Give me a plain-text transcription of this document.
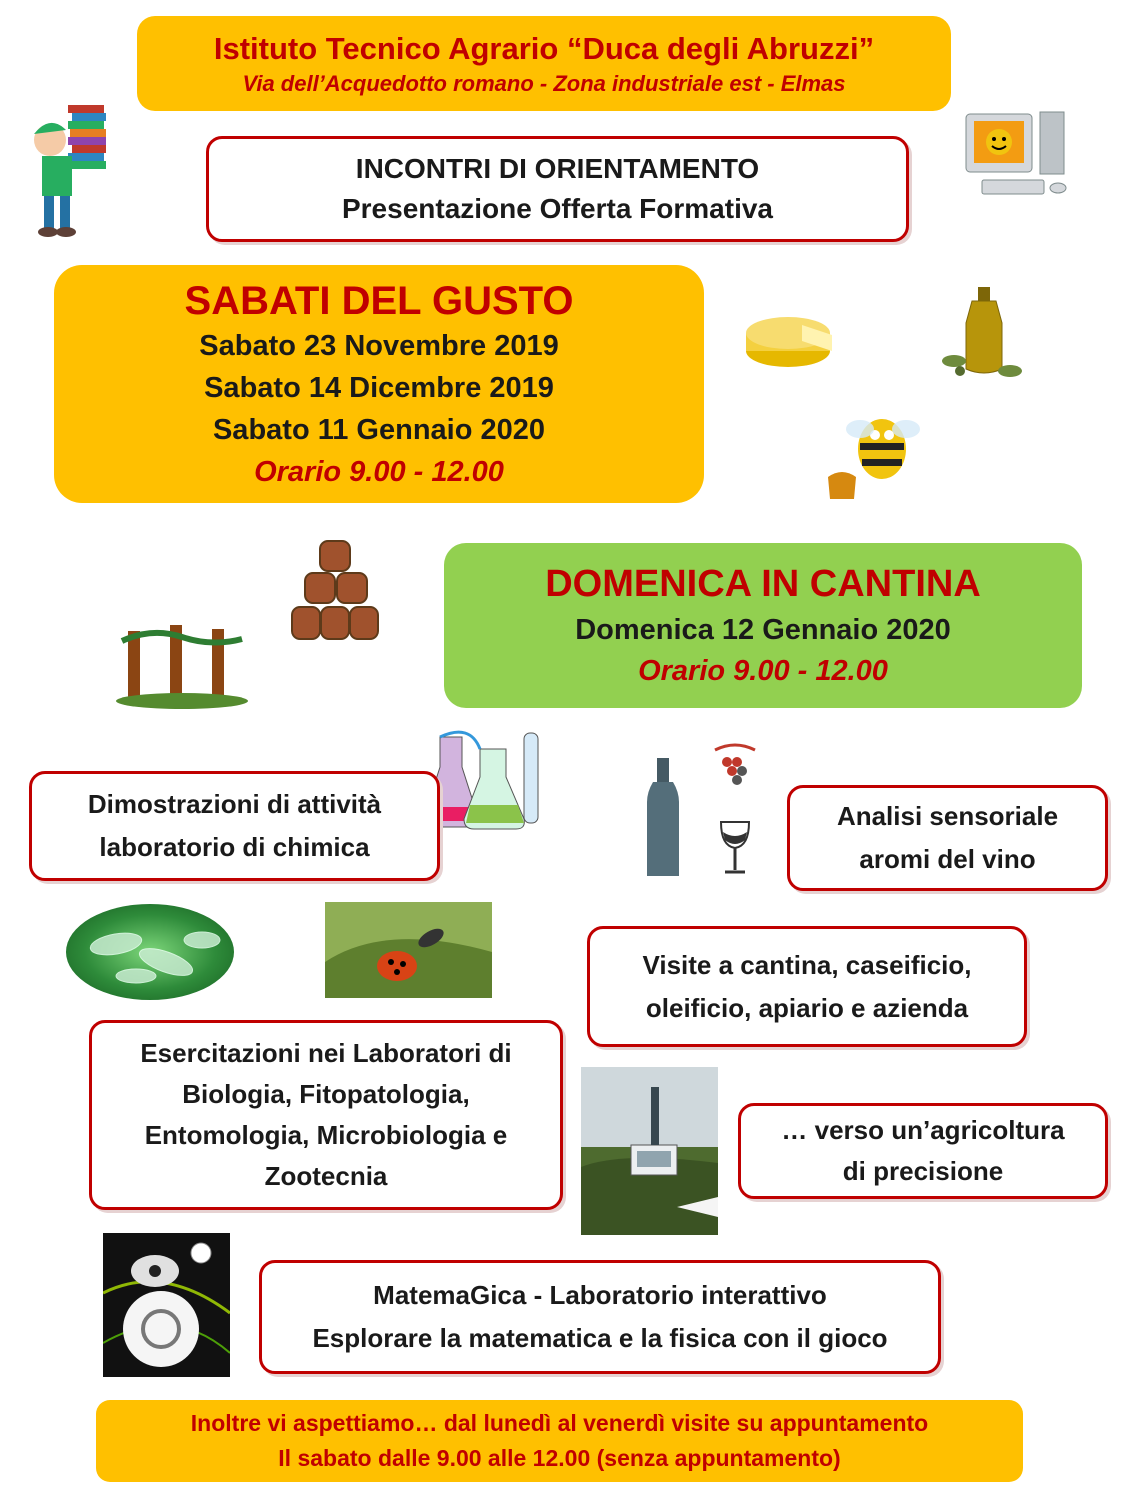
Istituto Tecnico Agrario “Duca degli Abruzzi”
Via dell’Acquedotto romano - Zona industriale est - Elmas
INCONTRI DI ORIENTAMENTO
Presentazione Offerta Formativa
SABATI DEL GUSTO
Sabato 23 Novembre 2019
Sabato 14 Dicembre 2019
Sabato 11 Gennaio 2020
Orario 9.00 - 12.00
DOMENICA IN CANTINA
Domenica 12 Gennaio 2020
Orario 9.00 - 12.00
Dimostrazioni di attività
laboratorio di chimica
Analisi sensoriale
aromi del vino
Visite a cantina, caseificio,
oleificio, apiario e azienda
Esercitazioni nei Laboratori di
Biologia, Fitopatologia,
Entomologia, Microbiologia e
Zootecnia
… verso un’agricoltura
di precisione
MatemaGica - Laboratorio interattivo
Esplorare la matematica e la fisica con il gioco
Inoltre vi aspettiamo… dal lunedì al venerdì visite su appuntamento
Il sabato dalle 9.00 alle 12.00 (senza appuntamento)
